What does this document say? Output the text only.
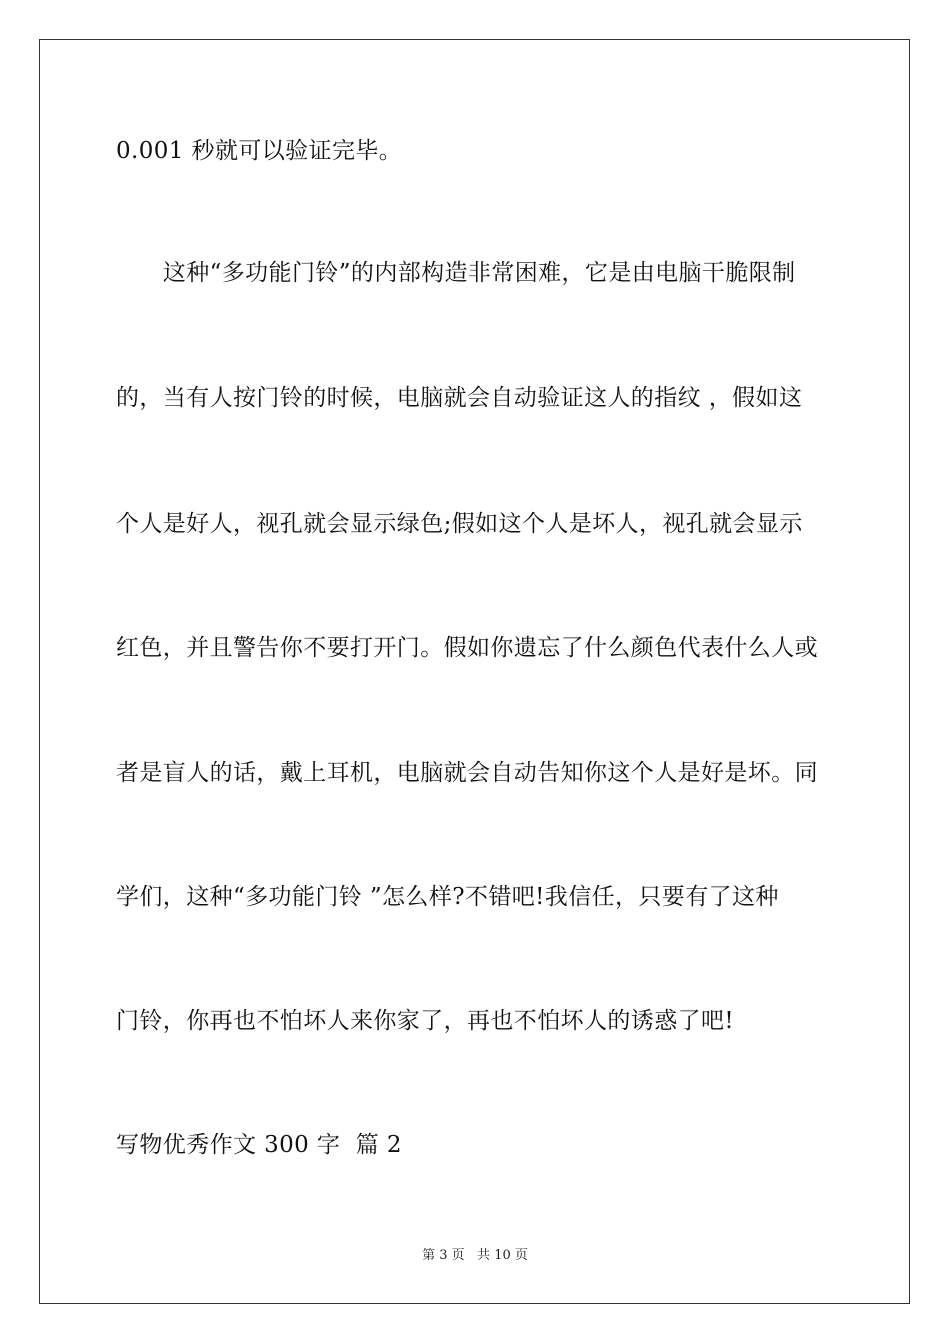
0.001 秒就可以验证完毕。
　　这种“多功能门铃”的内部构造非常困难，它是由电脑干脆限制
的，当有人按门铃的时候，电脑就会自动验证这人的指纹 ，假如这
个人是好人，视孔就会显示绿色;假如这个人是坏人，视孔就会显示
红色，并且警告你不要打开门。假如你遗忘了什么颜色代表什么人或
者是盲人的话，戴上耳机，电脑就会自动告知你这个人是好是坏。同
学们，这种“多功能门铃 ”怎么样?不错吧!我信任，只要有了这种
门铃，你再也不怕坏人来你家了，再也不怕坏人的诱惑了吧!
写物优秀作文 300 字  篇 2
第 3 页   共 10 页
